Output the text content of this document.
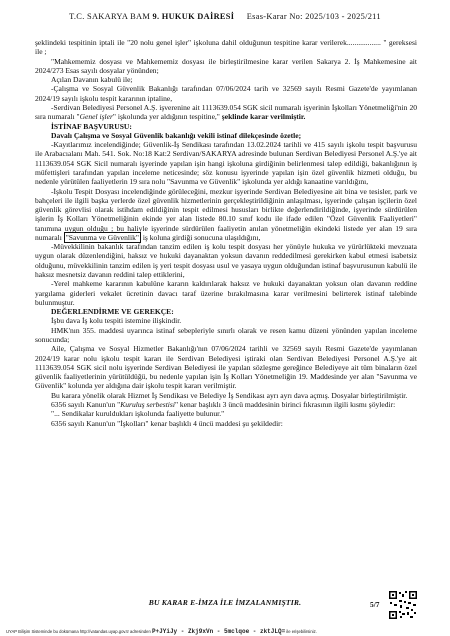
T.C. SAKARYA BAM 9. HUKUK DAİRESİ Esas-Karar No: 2025/103 - 2025/211

şeklindeki tespitinin iptali ile "20 nolu genel işler" işkoluna dahil olduğunun tespitine karar verilerek.................. " gereksesi ile ;

"Mahkememiz dosyası ve Mahkememiz dosyası ile birleştirilmesine karar verilen Sakarya 2. İş Mahkemesine ait 2024/273 Esas sayılı dosyalar yönünden;

Açılan Davanın kabulü ile;

-Çalışma ve Sosyal Güvenlik Bakanlığı tarafından 07/06/2024 tarih ve 32569 sayılı Resmi Gazete'de yayımlanan 2024/19 sayılı işkolu tespit kararının iptaline,

-Serdivan Belediyesi Personel A.Ş. işverenine ait 1113639.054 SGK sicil numaralı işyerinin İşkolları Yönetmeliği'nin 20 sıra numaralı "Genel işler" işkolunda yer aldığının tespitine," şeklinde karar verilmiştir.

İSTİNAF BAŞVURUSU:

Davalı Çalışma ve Sosyal Güvenlik bakanlığı vekili istinaf dilekçesinde özetle;

-Kayıtlarımız incelendiğinde; Güvenlik-İş Sendikası tarafından 13.02.2024 tarihli ve 415 sayılı işkolu tespit başvurusu ile Arabacıalanı Mah. 541. Sok. No:18 Kat:2 Serdivan/SAKARYA adresinde bulunan Serdivan Belediyesi Personel A.Ş.'ye ait 1113639.054 SGK Sicil numaralı işyerinde yapılan işin hangi işkoluna girdiğinin belirlenmesi talep edildiği, bakanlığının iş müfettişleri tarafından yapılan inceleme neticesinde; söz konusu işyerinde yapılan işin özel güvenlik hizmeti olduğu, bu nedenle yürütülen faaliyetlerin 19 sıra nolu "Savunma ve Güvenlik" işkolunda yer aldığı kanaatine varıldığını,

-İşkolu Tespit Dosyası incelendiğinde görüleceğini, mezkur işyerinde Serdivan Belediyesine ait bina ve tesisler, park ve bahçeleri ile ilgili başka yerlerde özel güvenlik hizmetlerinin gerçekleştirildiğinin anlaşılması, işyerinde çalışan işçilerin özel güvenlik görevlisi olarak istihdam edildiğinin tespit edilmesi hususları birlikte değerlendirildiğinde, işyerinde sürdürülen işlerin İş Kolları Yönetmeliğinin ekinde yer alan listede 80.10 sınıf kodu ile ifade edilen "Özel Güvenlik Faaliyetleri" tanımına uygun olduğu ; bu haliyle işyerinde sürdürülen faaliyetin anılan yönetmeliğin ekindeki listede yer alan 19 sıra numaralı "Savunma ve Güvenlik" iş koluna girdiği sonucuna ulaşıldığını,

-Müvekkilinin bakanlık tarafından tanzim edilen iş kolu tespit dosyası her yönüyle hukuka ve yürürlükteki mevzuata uygun olarak düzenlendiğini, haksız ve hukuki dayanaktan yoksun davanın reddedilmesi gerekirken kabul etmesi isabetsiz olduğunu, müvekkilinin tanzim edilen iş yeri tespit dosyası usul ve yasaya uygun olduğundan istinaf başvurusunun kabulü ile haksız mesnetsiz davanın reddini talep ettiklerini,

-Yerel mahkeme kararının kabulüne kararın kaldırılarak haksız ve hukuki dayanaktan yoksun olan davanın reddine yargılama giderleri vekalet ücretinin davacı taraf üzerine bırakılmasına karar verilmesini belirterek istinaf talebinde bulunmuştur.

DEĞERLENDİRME VE GEREKÇE:

İşbu dava İş kolu tespiti istemine ilişkindir.

HMK'nın 355. maddesi uyarınca istinaf sebepleriyle sınırlı olarak ve resen kamu düzeni yönünden yapılan inceleme sonucunda;

Aile, Çalışma ve Sosyal Hizmetler Bakanlığı'nın 07/06/2024 tarihli ve 32569 sayılı Resmi Gazete'de yayımlanan 2024/19 karar nolu işkolu tespit kararı ile Serdivan Belediyesi iştiraki olan Serdivan Belediyesi Personel A.Ş.'ye ait 1113639.054 SGK sicil nolu işyerinde Serdivan Belediyesi ile yapılan sözleşme gereğince Belediyeye ait tüm binaların özel güvenlik faaliyetlerinin yürütüldüğü, bu nedenle yapılan işin İş Kolları Yönetmeliğin 19. Maddesinde yer alan "Savunma ve Güvenlik" kolunda yer aldığına dair işkolu tespit kararı verilmiştir.

Bu karara yönelik olarak Hizmet İş Sendikası ve Belediye İş Sendikası ayrı ayrı dava açmış. Dosyalar birleştirilmiştir.

6356 sayılı Kanun'un "Kuruluş serbestisi" kenar başlıklı 3 üncü maddesinin birinci fıkrasının ilgili kısmı şöyledir:

"... Sendikalar kuruldukları işkolunda faaliyette bulunur."

6356 sayılı Kanun'un "İşkolları" kenar başlıklı 4 üncü maddesi şu şekildedir:

BU KARAR E-İMZA İLE İMZALANMIŞTIR.	5/7
UYAP Bilişim Sisteminde bu dokümana http://vatandas.uyap.gov.tr adresinden P+JYiJy - Zkj9xVn - 5mclqoe - zktJLQ= ile erişebilirsiniz.
